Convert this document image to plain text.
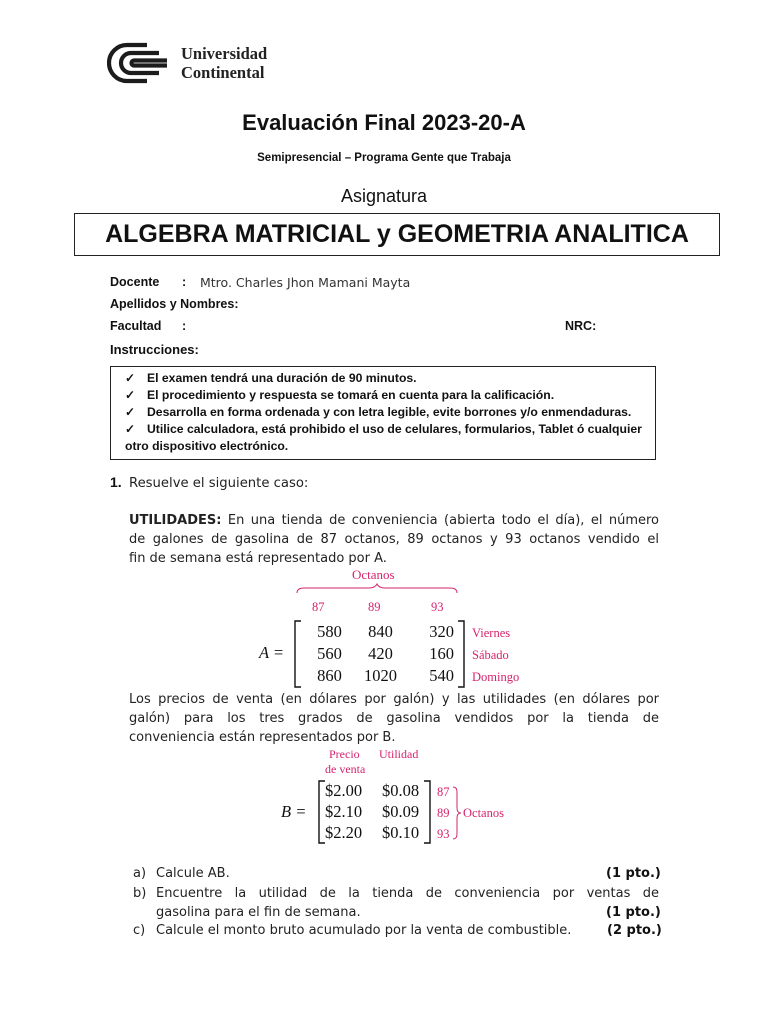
Universidad
Continental
Evaluación Final 2023-20-A
Semipresencial – Programa Gente que Trabaja
Asignatura
ALGEBRA MATRICIAL y GEOMETRIA ANALITICA
Docente : Mtro. Charles Jhon Mamani Mayta
Apellidos y Nombres:
Facultad :	NRC:
Instrucciones:
✓ El examen tendrá una duración de 90 minutos.
✓ El procedimiento y respuesta se tomará en cuenta para la calificación.
✓ Desarrolla en forma ordenada y con letra legible, evite borrones y/o enmendaduras.
✓ Utilice calculadora, está prohibido el uso de celulares, formularios, Tablet ó cualquier
otro dispositivo electrónico.
1. Resuelve el siguiente caso:
UTILIDADES: En una tienda de conveniencia (abierta todo el día), el número
de galones de gasolina de 87 octanos, 89 octanos y 93 octanos vendido el
fin de semana está representado por A.
Octanos
87	89	93
A =
580	840	320 Viernes
560	420	160 Sábado
860	1020	540 Domingo
Los precios de venta (en dólares por galón) y las utilidades (en dólares por
galón)  para  los  tres  grados  de  gasolina  vendidos  por  la  tienda  de
conveniencia están representados por B.
Precio
de venta
Utilidad
B =
$2.00 $0.08 87
$2.10 $0.09 89
$2.20 $0.10 93
Octanos
a) Calcule AB.	(1 pto.)
b) Encuentre  la  utilidad  de  la  tienda  de  conveniencia  por  ventas  de
gasolina para el fin de semana.	(1 pto.)
c) Calcule el monto bruto acumulado por la venta de combustible.	(2 pto.)
